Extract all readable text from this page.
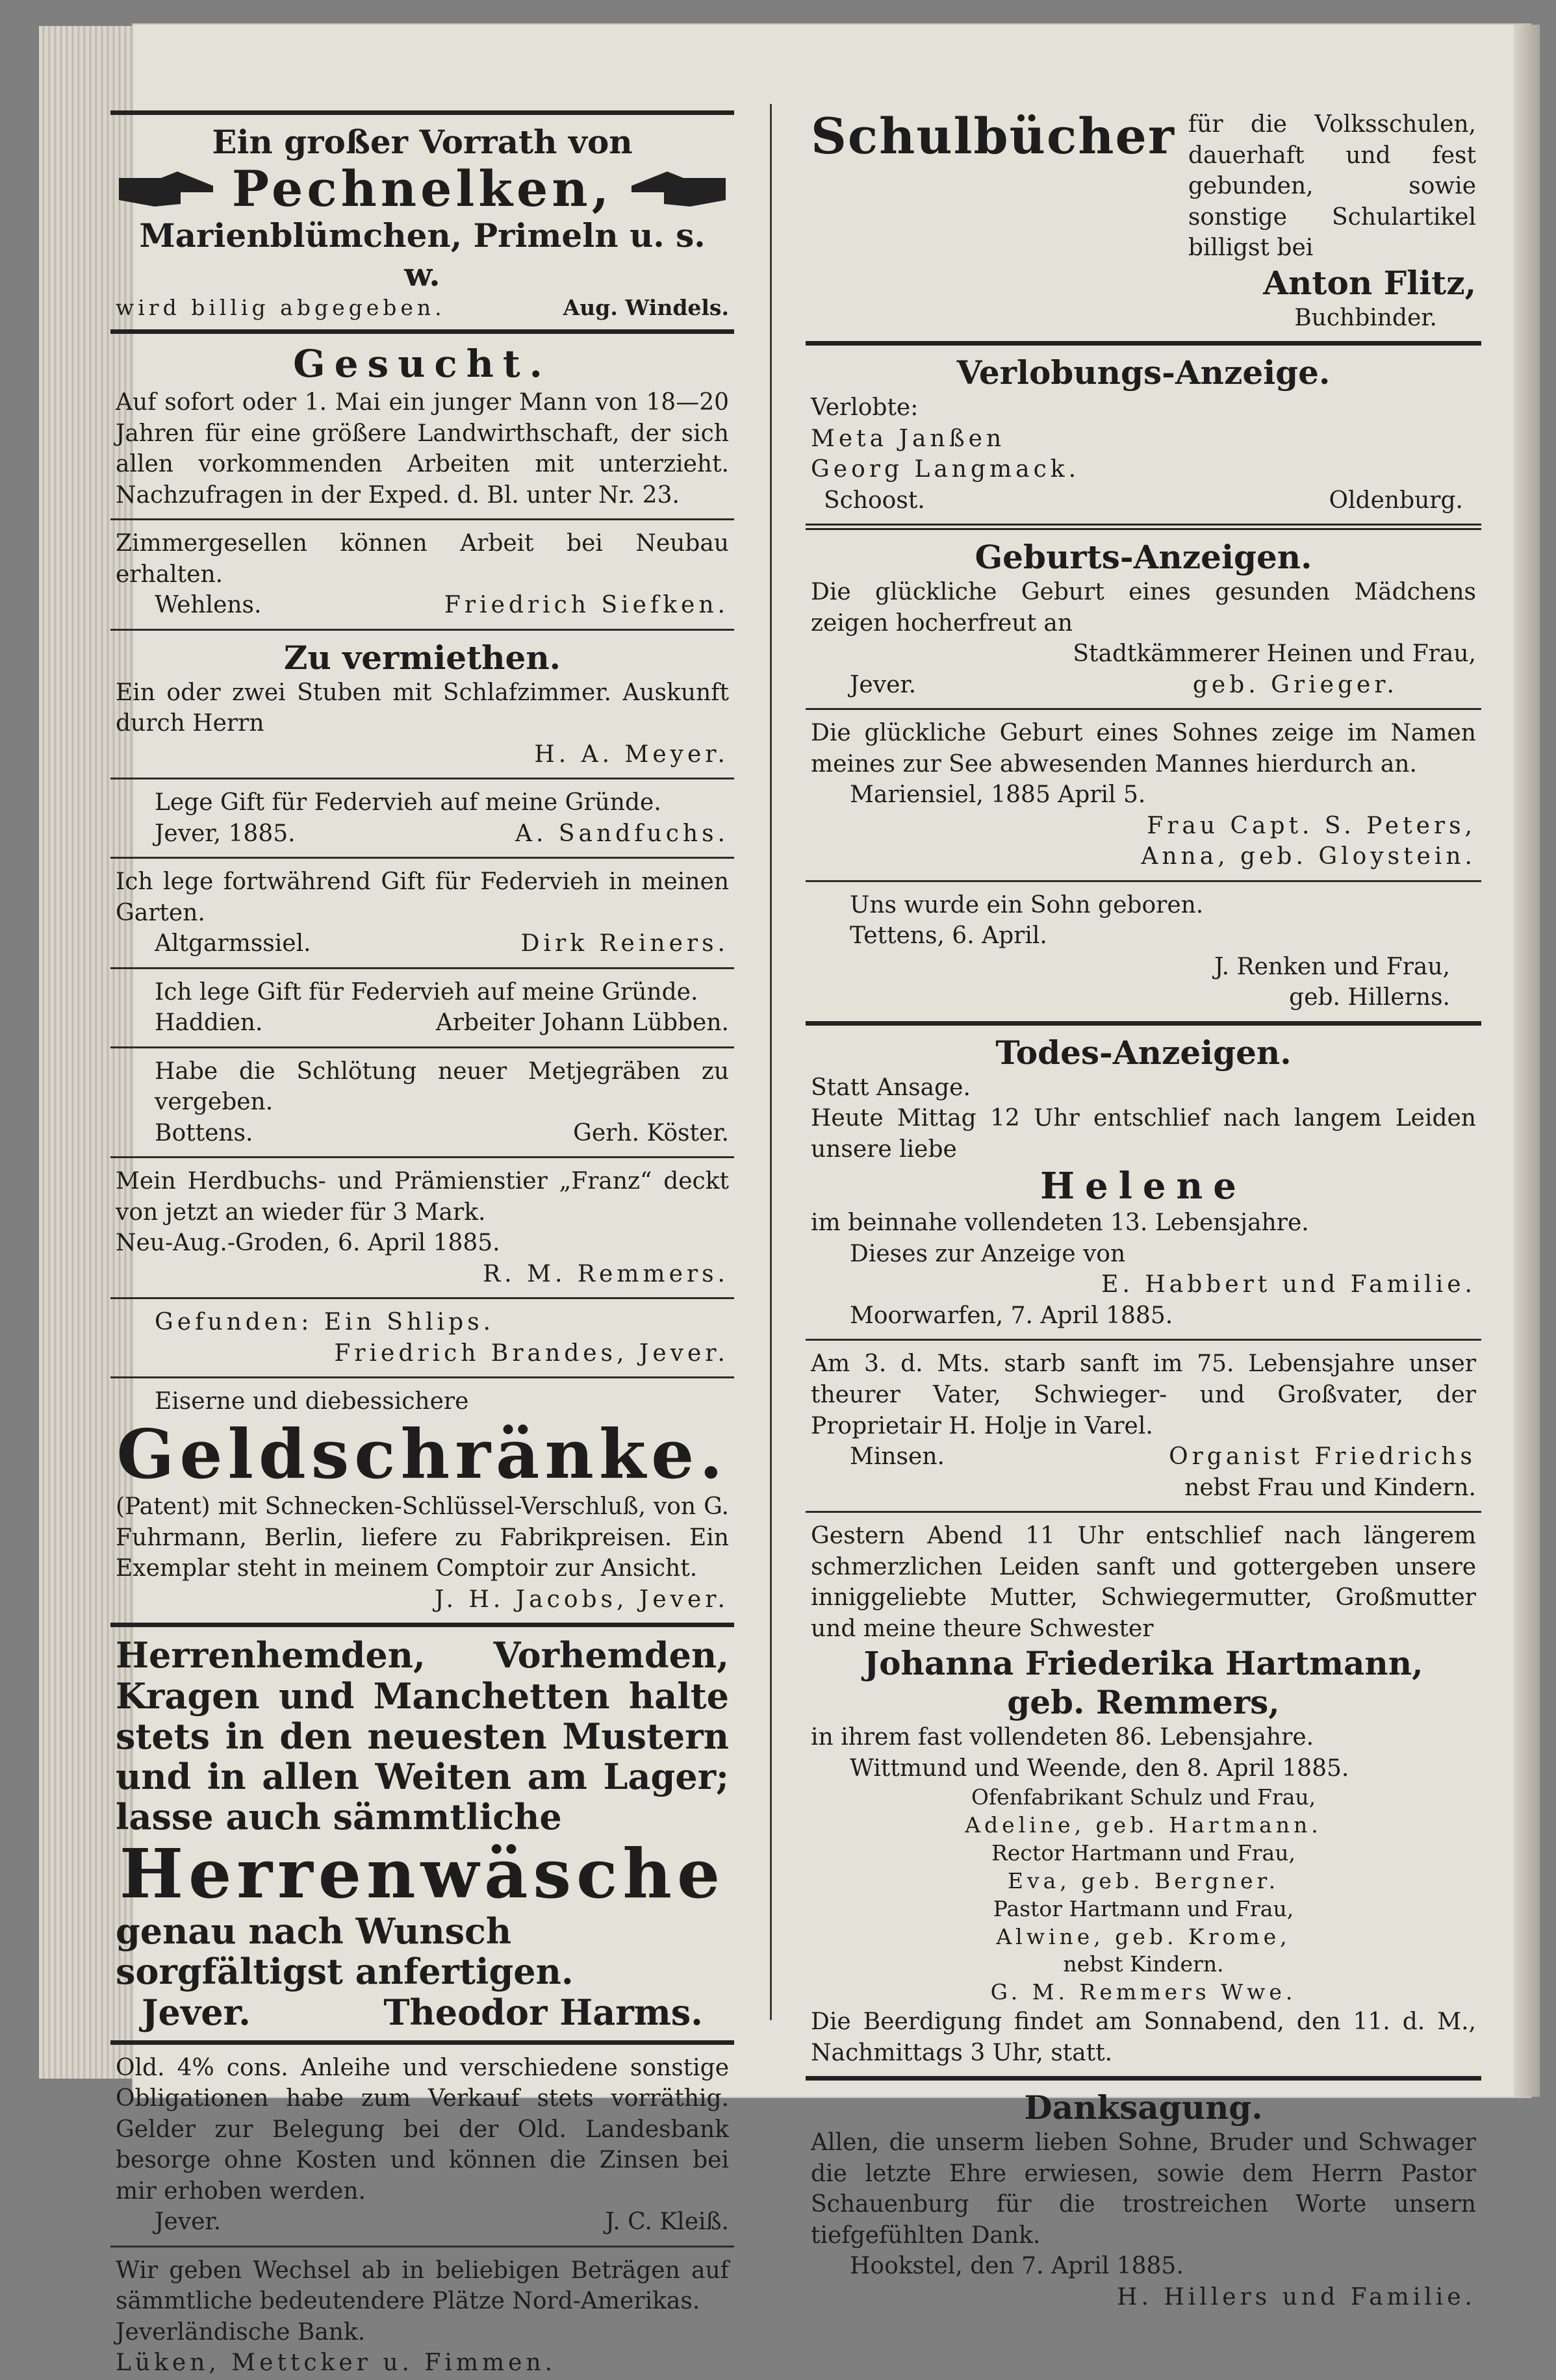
Ein großer Vorrath von
Pechnelken,
Marienblümchen, Primeln u. s. w.
wird billig abgegeben.	Aug. Windels.
Gesucht.
Auf sofort oder 1. Mai ein junger Mann von 18—20 Jahren für eine größere Landwirthschaft, der sich allen vorkommenden Arbeiten mit unterzieht. Nachzufragen in der Exped. d. Bl. unter Nr. 23.
Zimmergesellen können Arbeit bei Neubau erhalten.
Wehlens.	Friedrich Siefken.
Zu vermiethen.
Ein oder zwei Stuben mit Schlafzimmer. Auskunft durch Herrn
H. A. Meyer.
Lege Gift für Federvieh auf meine Gründe.
Jever, 1885.	A. Sandfuchs.
Ich lege fortwährend Gift für Federvieh in meinen Garten.
Altgarmssiel.	Dirk Reiners.
Ich lege Gift für Federvieh auf meine Gründe.
Haddien.	Arbeiter Johann Lübben.
Habe die Schlötung neuer Metjegräben zu vergeben.
Bottens.	Gerh. Köster.
Mein Herdbuchs- und Prämienstier „Franz“ deckt von jetzt an wieder für 3 Mark.
Neu-Aug.-Groden, 6. April 1885.
R. M. Remmers.
Gefunden: Ein Shlips.
Friedrich Brandes, Jever.
Eiserne und diebessichere
Geldschränke.
(Patent) mit Schnecken-Schlüssel-Verschluß, von G. Fuhrmann, Berlin, liefere zu Fabrikpreisen. Ein Exemplar steht in meinem Comptoir zur Ansicht.
J. H. Jacobs, Jever.
Herrenhemden, Vorhemden, Kragen und Manchetten halte stets in den neuesten Mustern und in allen Weiten am Lager; lasse auch sämmtliche
Herrenwäsche
genau nach Wunsch sorgfältigst anfertigen.
Jever.	Theodor Harms.
Old. 4% cons. Anleihe und verschiedene sonstige Obligationen habe zum Verkauf stets vorräthig. Gelder zur Belegung bei der Old. Landesbank besorge ohne Kosten und können die Zinsen bei mir erhoben werden.
Jever.	J. C. Kleiß.
Wir geben Wechsel ab in beliebigen Beträgen auf sämmtliche bedeutendere Plätze Nord-Amerikas.
Jeverländische Bank.
Lüken, Mettcker u. Fimmen.
Schulbücher für die Volksschulen, dauerhaft und fest gebunden, sowie sonstige Schulartikel billigst bei
Anton Flitz,
Buchbinder.
Verlobungs-Anzeige.
Verlobte:
Meta Janßen
Georg Langmack.
Schoost.	Oldenburg.
Geburts-Anzeigen.
Die glückliche Geburt eines gesunden Mädchens zeigen hocherfreut an
Stadtkämmerer Heinen und Frau,
Jever.	geb. Grieger.
Die glückliche Geburt eines Sohnes zeige im Namen meines zur See abwesenden Mannes hierdurch an.
Mariensiel, 1885 April 5.
Frau Capt. S. Peters,
Anna, geb. Gloystein.
Uns wurde ein Sohn geboren.
Tettens, 6. April.
J. Renken und Frau,
geb. Hillerns.
Todes-Anzeigen.
Statt Ansage.
Heute Mittag 12 Uhr entschlief nach langem Leiden unsere liebe
Helene
im beinnahe vollendeten 13. Lebensjahre.
Dieses zur Anzeige von
E. Habbert und Familie.
Moorwarfen, 7. April 1885.
Am 3. d. Mts. starb sanft im 75. Lebensjahre unser theurer Vater, Schwieger- und Großvater, der Proprietair H. Holje in Varel.
Minsen.	Organist Friedrichs
nebst Frau und Kindern.
Gestern Abend 11 Uhr entschlief nach längerem schmerzlichen Leiden sanft und gottergeben unsere inniggeliebte Mutter, Schwiegermutter, Großmutter und meine theure Schwester
Johanna Friederika Hartmann,
geb. Remmers,
in ihrem fast vollendeten 86. Lebensjahre.
Wittmund und Weende, den 8. April 1885.
Ofenfabrikant Schulz und Frau,
Adeline, geb. Hartmann.
Rector Hartmann und Frau,
Eva, geb. Bergner.
Pastor Hartmann und Frau,
Alwine, geb. Krome,
nebst Kindern.
G. M. Remmers Wwe.
Die Beerdigung findet am Sonnabend, den 11. d. M., Nachmittags 3 Uhr, statt.
Danksagung.
Allen, die unserm lieben Sohne, Bruder und Schwager die letzte Ehre erwiesen, sowie dem Herrn Pastor Schauenburg für die trostreichen Worte unsern tiefgefühlten Dank.
Hookstel, den 7. April 1885.
H. Hillers und Familie.
